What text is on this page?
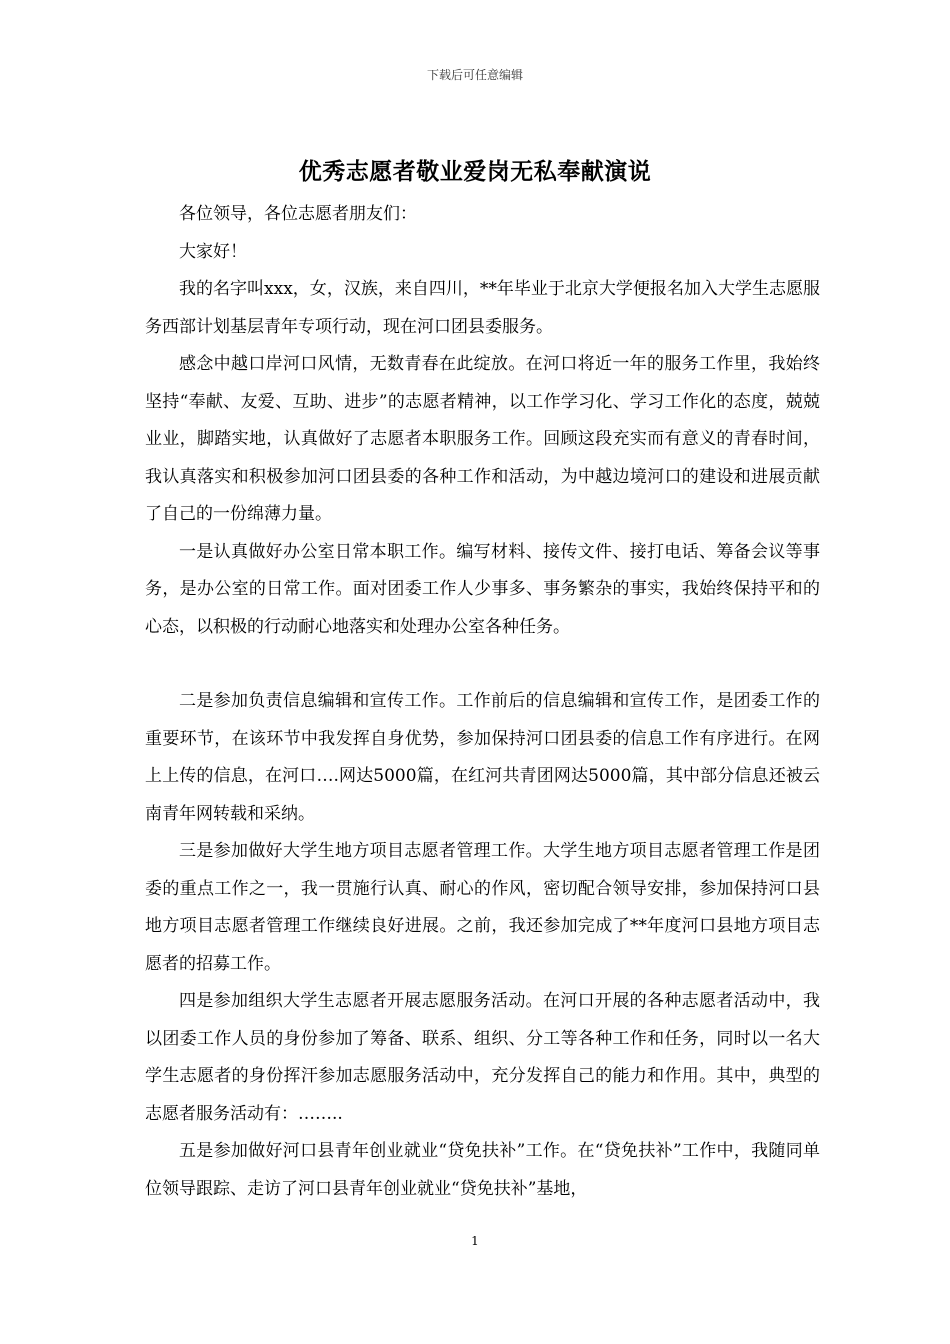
下载后可任意编辑
优秀志愿者敬业爱岗无私奉献演说

各位领导，各位志愿者朋友们：

大家好！

我的名字叫xxx，女，汉族，来自四川，**年毕业于北京大学便报名加入大学生志愿服务西部计划基层青年专项行动，现在河口团县委服务。

感念中越口岸河口风情，无数青春在此绽放。在河口将近一年的服务工作里，我始终坚持“奉献、友爱、互助、进步”的志愿者精神，以工作学习化、学习工作化的态度，兢兢业业，脚踏实地，认真做好了志愿者本职服务工作。回顾这段充实而有意义的青春时间，我认真落实和积极参加河口团县委的各种工作和活动，为中越边境河口的建设和进展贡献了自己的一份绵薄力量。

一是认真做好办公室日常本职工作。编写材料、接传文件、接打电话、筹备会议等事务，是办公室的日常工作。面对团委工作人少事多、事务繁杂的事实，我始终保持平和的心态，以积极的行动耐心地落实和处理办公室各种任务。

二是参加负责信息编辑和宣传工作。工作前后的信息编辑和宣传工作，是团委工作的重要环节，在该环节中我发挥自身优势，参加保持河口团县委的信息工作有序进行。在网上上传的信息，在河口….网达5000篇，在红河共青团网达5000篇，其中部分信息还被云南青年网转载和采纳。

三是参加做好大学生地方项目志愿者管理工作。大学生地方项目志愿者管理工作是团委的重点工作之一，我一贯施行认真、耐心的作风，密切配合领导安排，参加保持河口县地方项目志愿者管理工作继续良好进展。之前，我还参加完成了**年度河口县地方项目志愿者的招募工作。

四是参加组织大学生志愿者开展志愿服务活动。在河口开展的各种志愿者活动中，我以团委工作人员的身份参加了筹备、联系、组织、分工等各种工作和任务，同时以一名大学生志愿者的身份挥汗参加志愿服务活动中，充分发挥自己的能力和作用。其中，典型的志愿者服务活动有：……..

五是参加做好河口县青年创业就业“贷免扶补”工作。在“贷免扶补”工作中，我随同单位领导跟踪、走访了河口县青年创业就业“贷免扶补”基地，

1
